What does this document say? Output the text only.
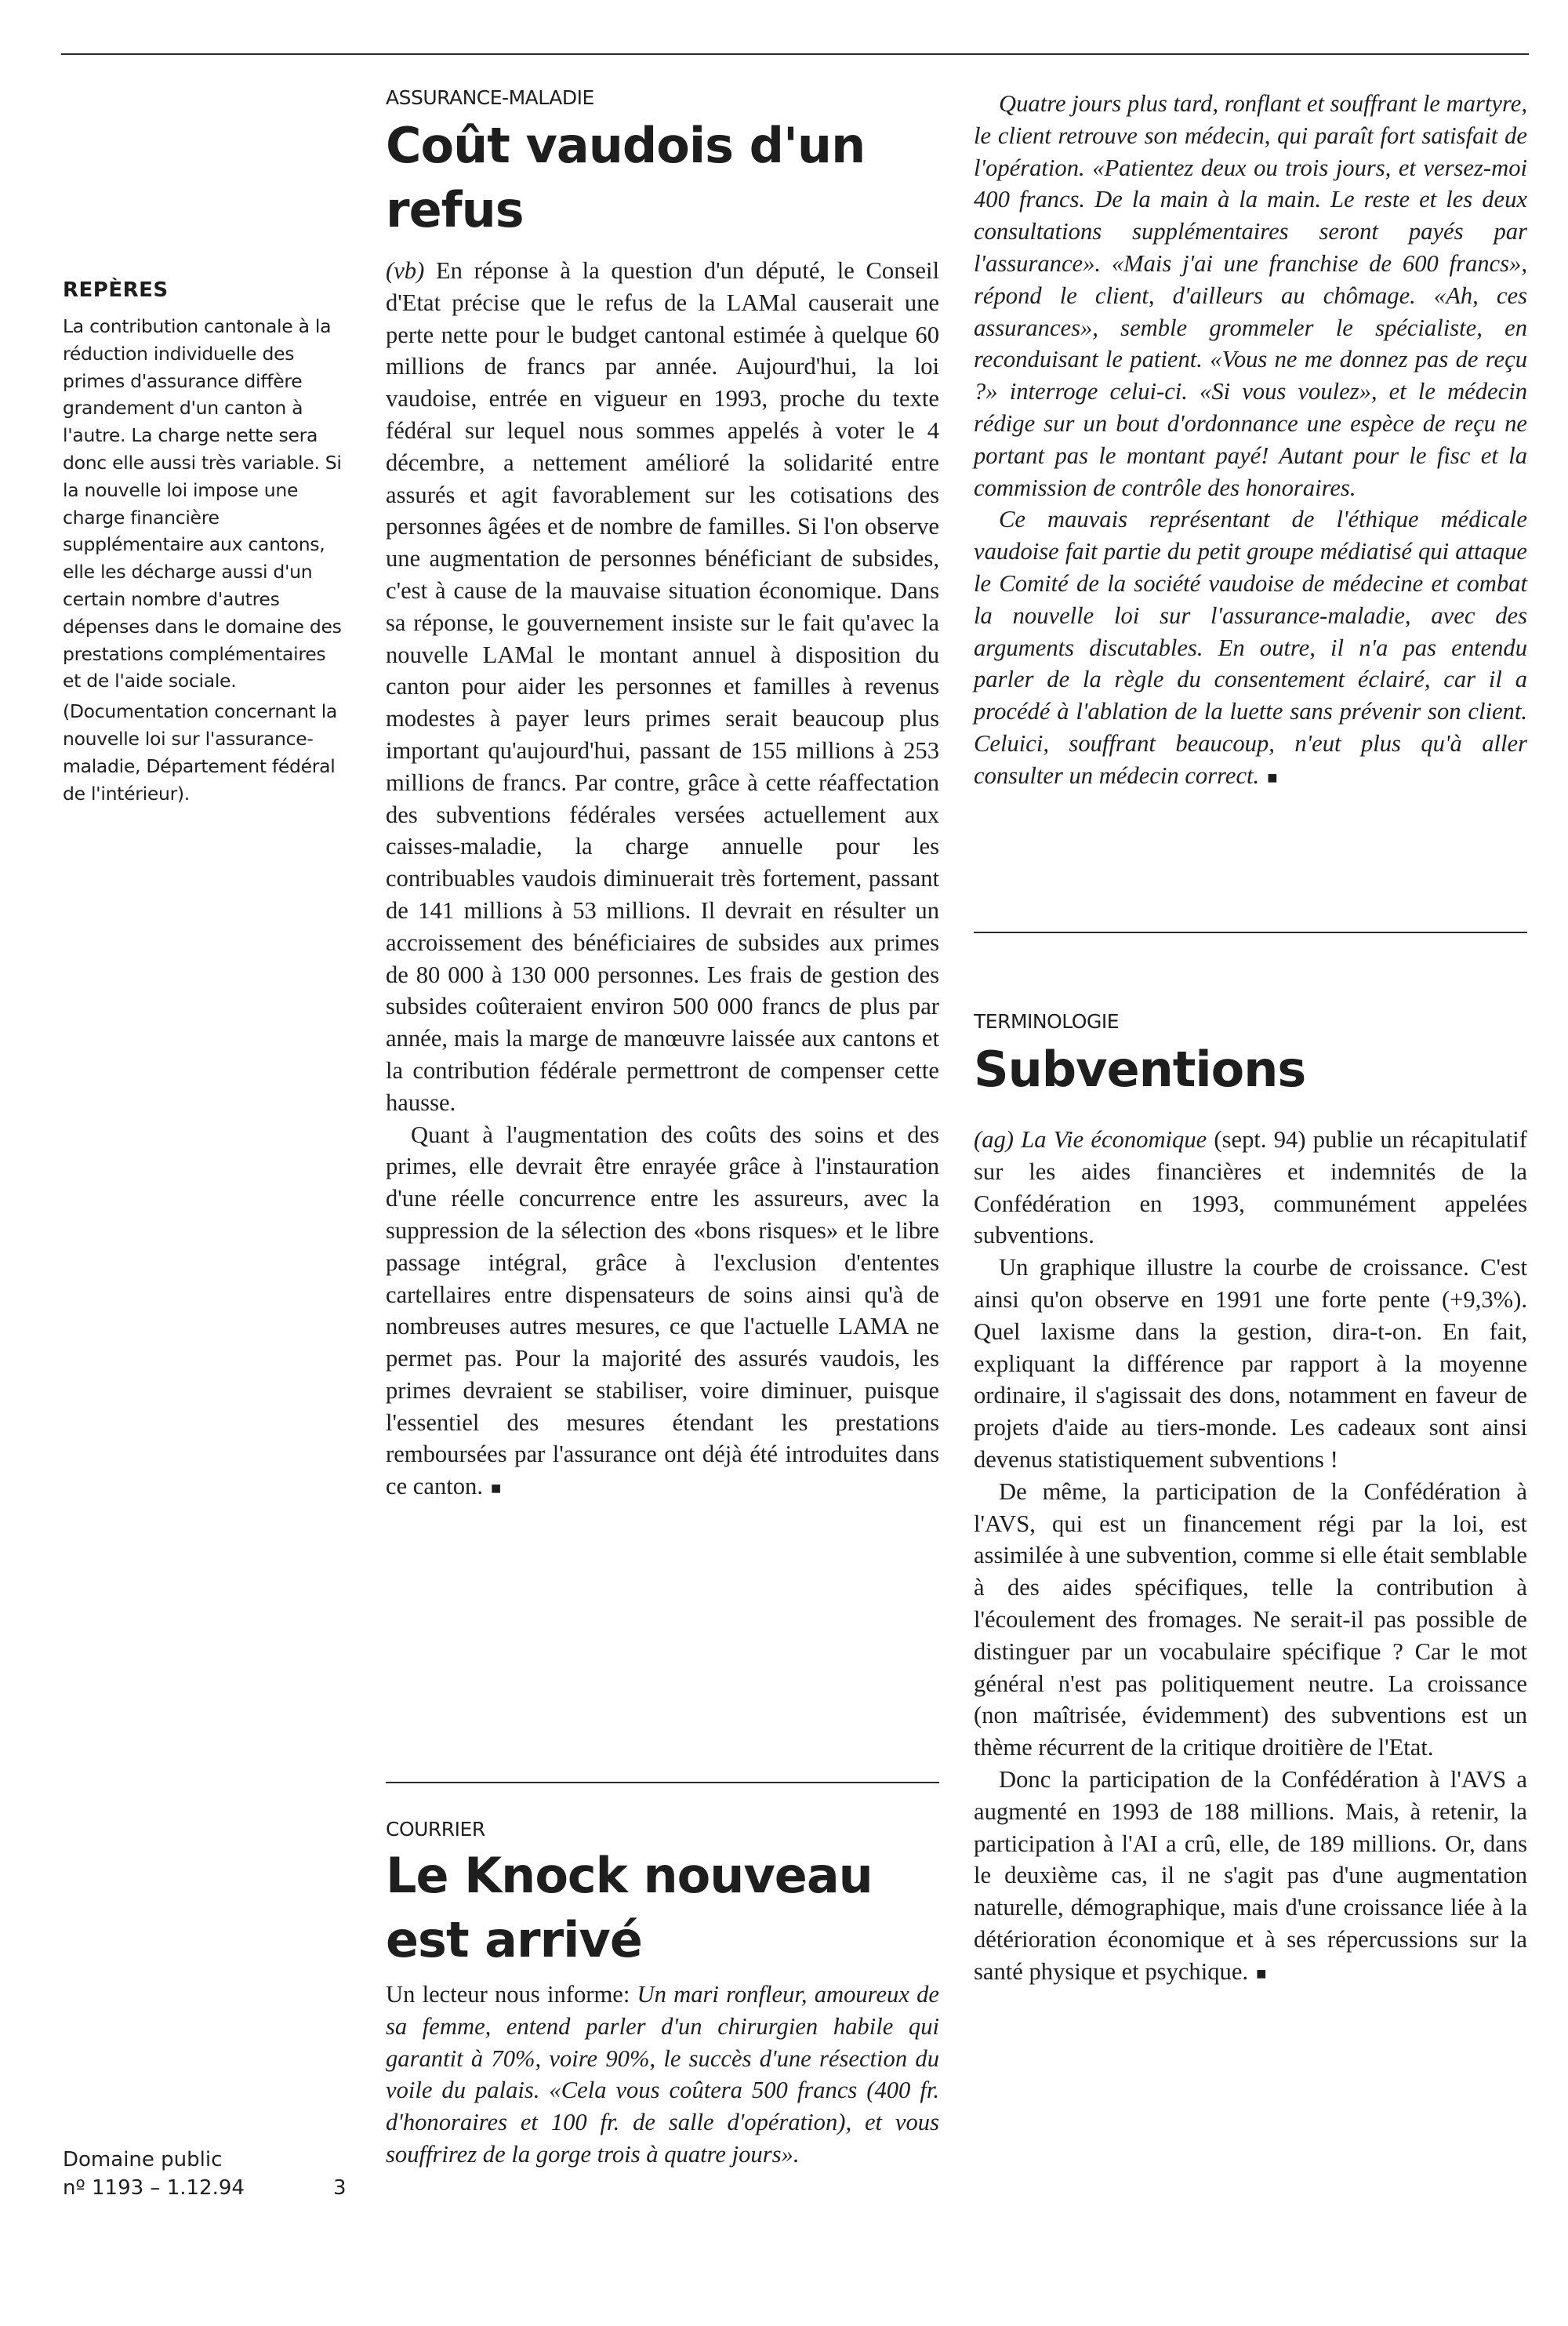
REPÈRES

La contribution cantonale à la réduction individuelle des primes d'assurance diffère grandement d'un canton à l'autre. La charge nette sera donc elle aussi très variable. Si la nouvelle loi impose une charge financière supplémentaire aux cantons, elle les décharge aussi d'un certain nombre d'autres dépenses dans le domaine des prestations complémentaires et de l'aide sociale.

(Documentation concernant la nouvelle loi sur l'assurance-maladie, Département fédéral de l'intérieur).

Domaine public

nº 1193 – 1.12.94	3

ASSURANCE-MALADIE

Coût vaudois d'un refus

(vb) En réponse à la question d'un député, le Conseil d'Etat précise que le refus de la LAMal causerait une perte nette pour le budget cantonal estimée à quelque 60 millions de francs par année. Aujourd'hui, la loi vaudoise, entrée en vigueur en 1993, proche du texte fédéral sur lequel nous sommes appelés à voter le 4 décembre, a nettement amélioré la solidarité entre assurés et agit favorablement sur les cotisations des personnes âgées et de nombre de familles. Si l'on observe une augmentation de personnes bénéficiant de subsides, c'est à cause de la mauvaise situation économique. Dans sa réponse, le gouvernement insiste sur le fait qu'avec la nouvelle LAMal le montant annuel à disposition du canton pour aider les personnes et familles à revenus modestes à payer leurs primes serait beaucoup plus important qu'aujourd'hui, passant de 155 millions à 253 millions de francs. Par contre, grâce à cette réaffectation des subventions fédérales versées actuellement aux caisses-maladie, la charge annuelle pour les contribuables vaudois diminuerait très fortement, passant de 141 millions à 53 millions. Il devrait en résulter un accroissement des bénéficiaires de subsides aux primes de 80 000 à 130 000 personnes. Les frais de gestion des subsides coûteraient environ 500 000 francs de plus par année, mais la marge de manœuvre laissée aux cantons et la contribution fédérale permettront de compenser cette hausse.

Quant à l'augmentation des coûts des soins et des primes, elle devrait être enrayée grâce à l'instauration d'une réelle concurrence entre les assureurs, avec la suppression de la sélection des «bons risques» et le libre passage intégral, grâce à l'exclusion d'ententes cartellaires entre dispensateurs de soins ainsi qu'à de nombreuses autres mesures, ce que l'actuelle LAMA ne permet pas. Pour la majorité des assurés vaudois, les primes devraient se stabiliser, voire diminuer, puisque l'essentiel des mesures étendant les prestations remboursées par l'assurance ont déjà été introduites dans ce canton. ■

COURRIER

Le Knock nouveau est arrivé

Un lecteur nous informe: Un mari ronfleur, amoureux de sa femme, entend parler d'un chirurgien habile qui garantit à 70%, voire 90%, le succès d'une résection du voile du palais. «Cela vous coûtera 500 francs (400 fr. d'honoraires et 100 fr. de salle d'opération), et vous souffrirez de la gorge trois à quatre jours».

Quatre jours plus tard, ronflant et souffrant le martyre, le client retrouve son médecin, qui paraît fort satisfait de l'opération. «Patientez deux ou trois jours, et versez-moi 400 francs. De la main à la main. Le reste et les deux consultations supplémentaires seront payés par l'assurance». «Mais j'ai une franchise de 600 francs», répond le client, d'ailleurs au chômage. «Ah, ces assurances», semble grommeler le spécialiste, en reconduisant le patient. «Vous ne me donnez pas de reçu ?» interroge celui-ci. «Si vous voulez», et le médecin rédige sur un bout d'ordonnance une espèce de reçu ne portant pas le montant payé! Autant pour le fisc et la commission de contrôle des honoraires.

Ce mauvais représentant de l'éthique médicale vaudoise fait partie du petit groupe médiatisé qui attaque le Comité de la société vaudoise de médecine et combat la nouvelle loi sur l'assurance-maladie, avec des arguments discutables. En outre, il n'a pas entendu parler de la règle du consentement éclairé, car il a procédé à l'ablation de la luette sans prévenir son client. Celuici, souffrant beaucoup, n'eut plus qu'à aller consulter un médecin correct. ■

TERMINOLOGIE

Subventions

(ag) La Vie économique (sept. 94) publie un récapitulatif sur les aides financières et indemnités de la Confédération en 1993, communément appelées subventions.

Un graphique illustre la courbe de croissance. C'est ainsi qu'on observe en 1991 une forte pente (+9,3%). Quel laxisme dans la gestion, dira-t-on. En fait, expliquant la différence par rapport à la moyenne ordinaire, il s'agissait des dons, notamment en faveur de projets d'aide au tiers-monde. Les cadeaux sont ainsi devenus statistiquement subventions !

De même, la participation de la Confédération à l'AVS, qui est un financement régi par la loi, est assimilée à une subvention, comme si elle était semblable à des aides spécifiques, telle la contribution à l'écoulement des fromages. Ne serait-il pas possible de distinguer par un vocabulaire spécifique ? Car le mot général n'est pas politiquement neutre. La croissance (non maîtrisée, évidemment) des subventions est un thème récurrent de la critique droitière de l'Etat.

Donc la participation de la Confédération à l'AVS a augmenté en 1993 de 188 millions. Mais, à retenir, la participation à l'AI a crû, elle, de 189 millions. Or, dans le deuxième cas, il ne s'agit pas d'une augmentation naturelle, démographique, mais d'une croissance liée à la détérioration économique et à ses répercussions sur la santé physique et psychique. ■
